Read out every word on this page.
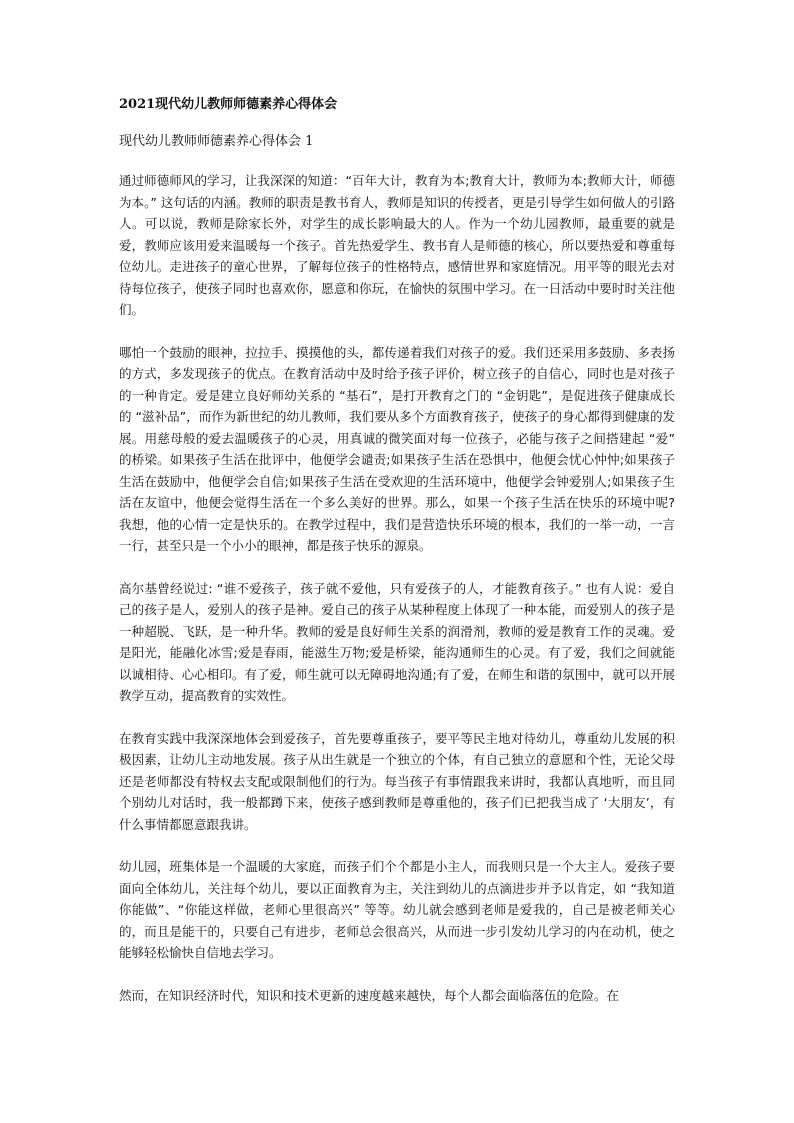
2021现代幼儿教师师德素养心得体会
现代幼儿教师师德素养心得体会 1

通过师德师风的学习，让我深深的知道：“百年大计，教育为本;教育大计，教师为本;教师大计，师德为本。” 这句话的内涵。教师的职责是教书育人，教师是知识的传授者，更是引导学生如何做人的引路人。可以说，教师是除家长外，对学生的成长影响最大的人。作为一个幼儿园教师，最重要的就是爱，教师应该用爱来温暖每一个孩子。首先热爱学生、教书育人是师德的核心，所以要热爱和尊重每位幼儿。走进孩子的童心世界，了解每位孩子的性格特点，感情世界和家庭情况。用平等的眼光去对待每位孩子，使孩子同时也喜欢你，愿意和你玩，在愉快的氛围中学习。在一日活动中要时时关注他们。

哪怕一个鼓励的眼神，拉拉手、摸摸他的头，都传递着我们对孩子的爱。我们还采用多鼓励、多表扬的方式，多发现孩子的优点。在教育活动中及时给予孩子评价，树立孩子的自信心，同时也是对孩子的一种肯定。爱是建立良好师幼关系的 “基石”，是打开教育之门的 “金钥匙”，是促进孩子健康成长的 “滋补品”，而作为新世纪的幼儿教师，我们要从多个方面教育孩子，使孩子的身心都得到健康的发展。用慈母般的爱去温暖孩子的心灵，用真诚的微笑面对每一位孩子，必能与孩子之间搭建起 “爱” 的桥梁。如果孩子生活在批评中，他便学会谴责;如果孩子生活在恐惧中，他便会忧心忡忡;如果孩子生活在鼓励中，他便学会自信;如果孩子生活在受欢迎的生活环境中，他便学会钟爱别人;如果孩子生活在友谊中，他便会觉得生活在一个多么美好的世界。那么，如果一个孩子生活在快乐的环境中呢?我想，他的心情一定是快乐的。在教学过程中，我们是营造快乐环境的根本，我们的一举一动，一言一行，甚至只是一个小小的眼神，都是孩子快乐的源泉。

高尔基曾经说过: “谁不爱孩子，孩子就不爱他，只有爱孩子的人，才能教育孩子。” 也有人说：爱自己的孩子是人，爱别人的孩子是神。爱自己的孩子从某种程度上体现了一种本能，而爱别人的孩子是一种超脱、飞跃，是一种升华。教师的爱是良好师生关系的润滑剂，教师的爱是教育工作的灵魂。爱是阳光，能融化冰雪;爱是春雨，能滋生万物;爱是桥梁，能沟通师生的心灵。有了爱，我们之间就能以诚相待、心心相印。有了爱，师生就可以无障碍地沟通;有了爱，在师生和谐的氛围中，就可以开展教学互动，提高教育的实效性。

在教育实践中我深深地体会到爱孩子，首先要尊重孩子，要平等民主地对待幼儿，尊重幼儿发展的积极因素，让幼儿主动地发展。孩子从出生就是一个独立的个体，有自己独立的意愿和个性，无论父母还是老师都没有特权去支配或限制他们的行为。每当孩子有事情跟我来讲时，我都认真地听，而且同个别幼儿对话时，我一般都蹲下来，使孩子感到教师是尊重他的，孩子们已把我当成了 ‘大朋友’，有什么事情都愿意跟我讲。

幼儿园，班集体是一个温暖的大家庭，而孩子们个个都是小主人，而我则只是一个大主人。爱孩子要面向全体幼儿，关注每个幼儿，要以正面教育为主，关注到幼儿的点滴进步并予以肯定，如 “我知道你能做”、“你能这样做，老师心里很高兴” 等等。幼儿就会感到老师是爱我的，自己是被老师关心的，而且是能干的，只要自己有进步，老师总会很高兴，从而进一步引发幼儿学习的内在动机，使之能够轻松愉快自信地去学习。

然而，在知识经济时代，知识和技术更新的速度越来越快，每个人都会面临落伍的危险。在
